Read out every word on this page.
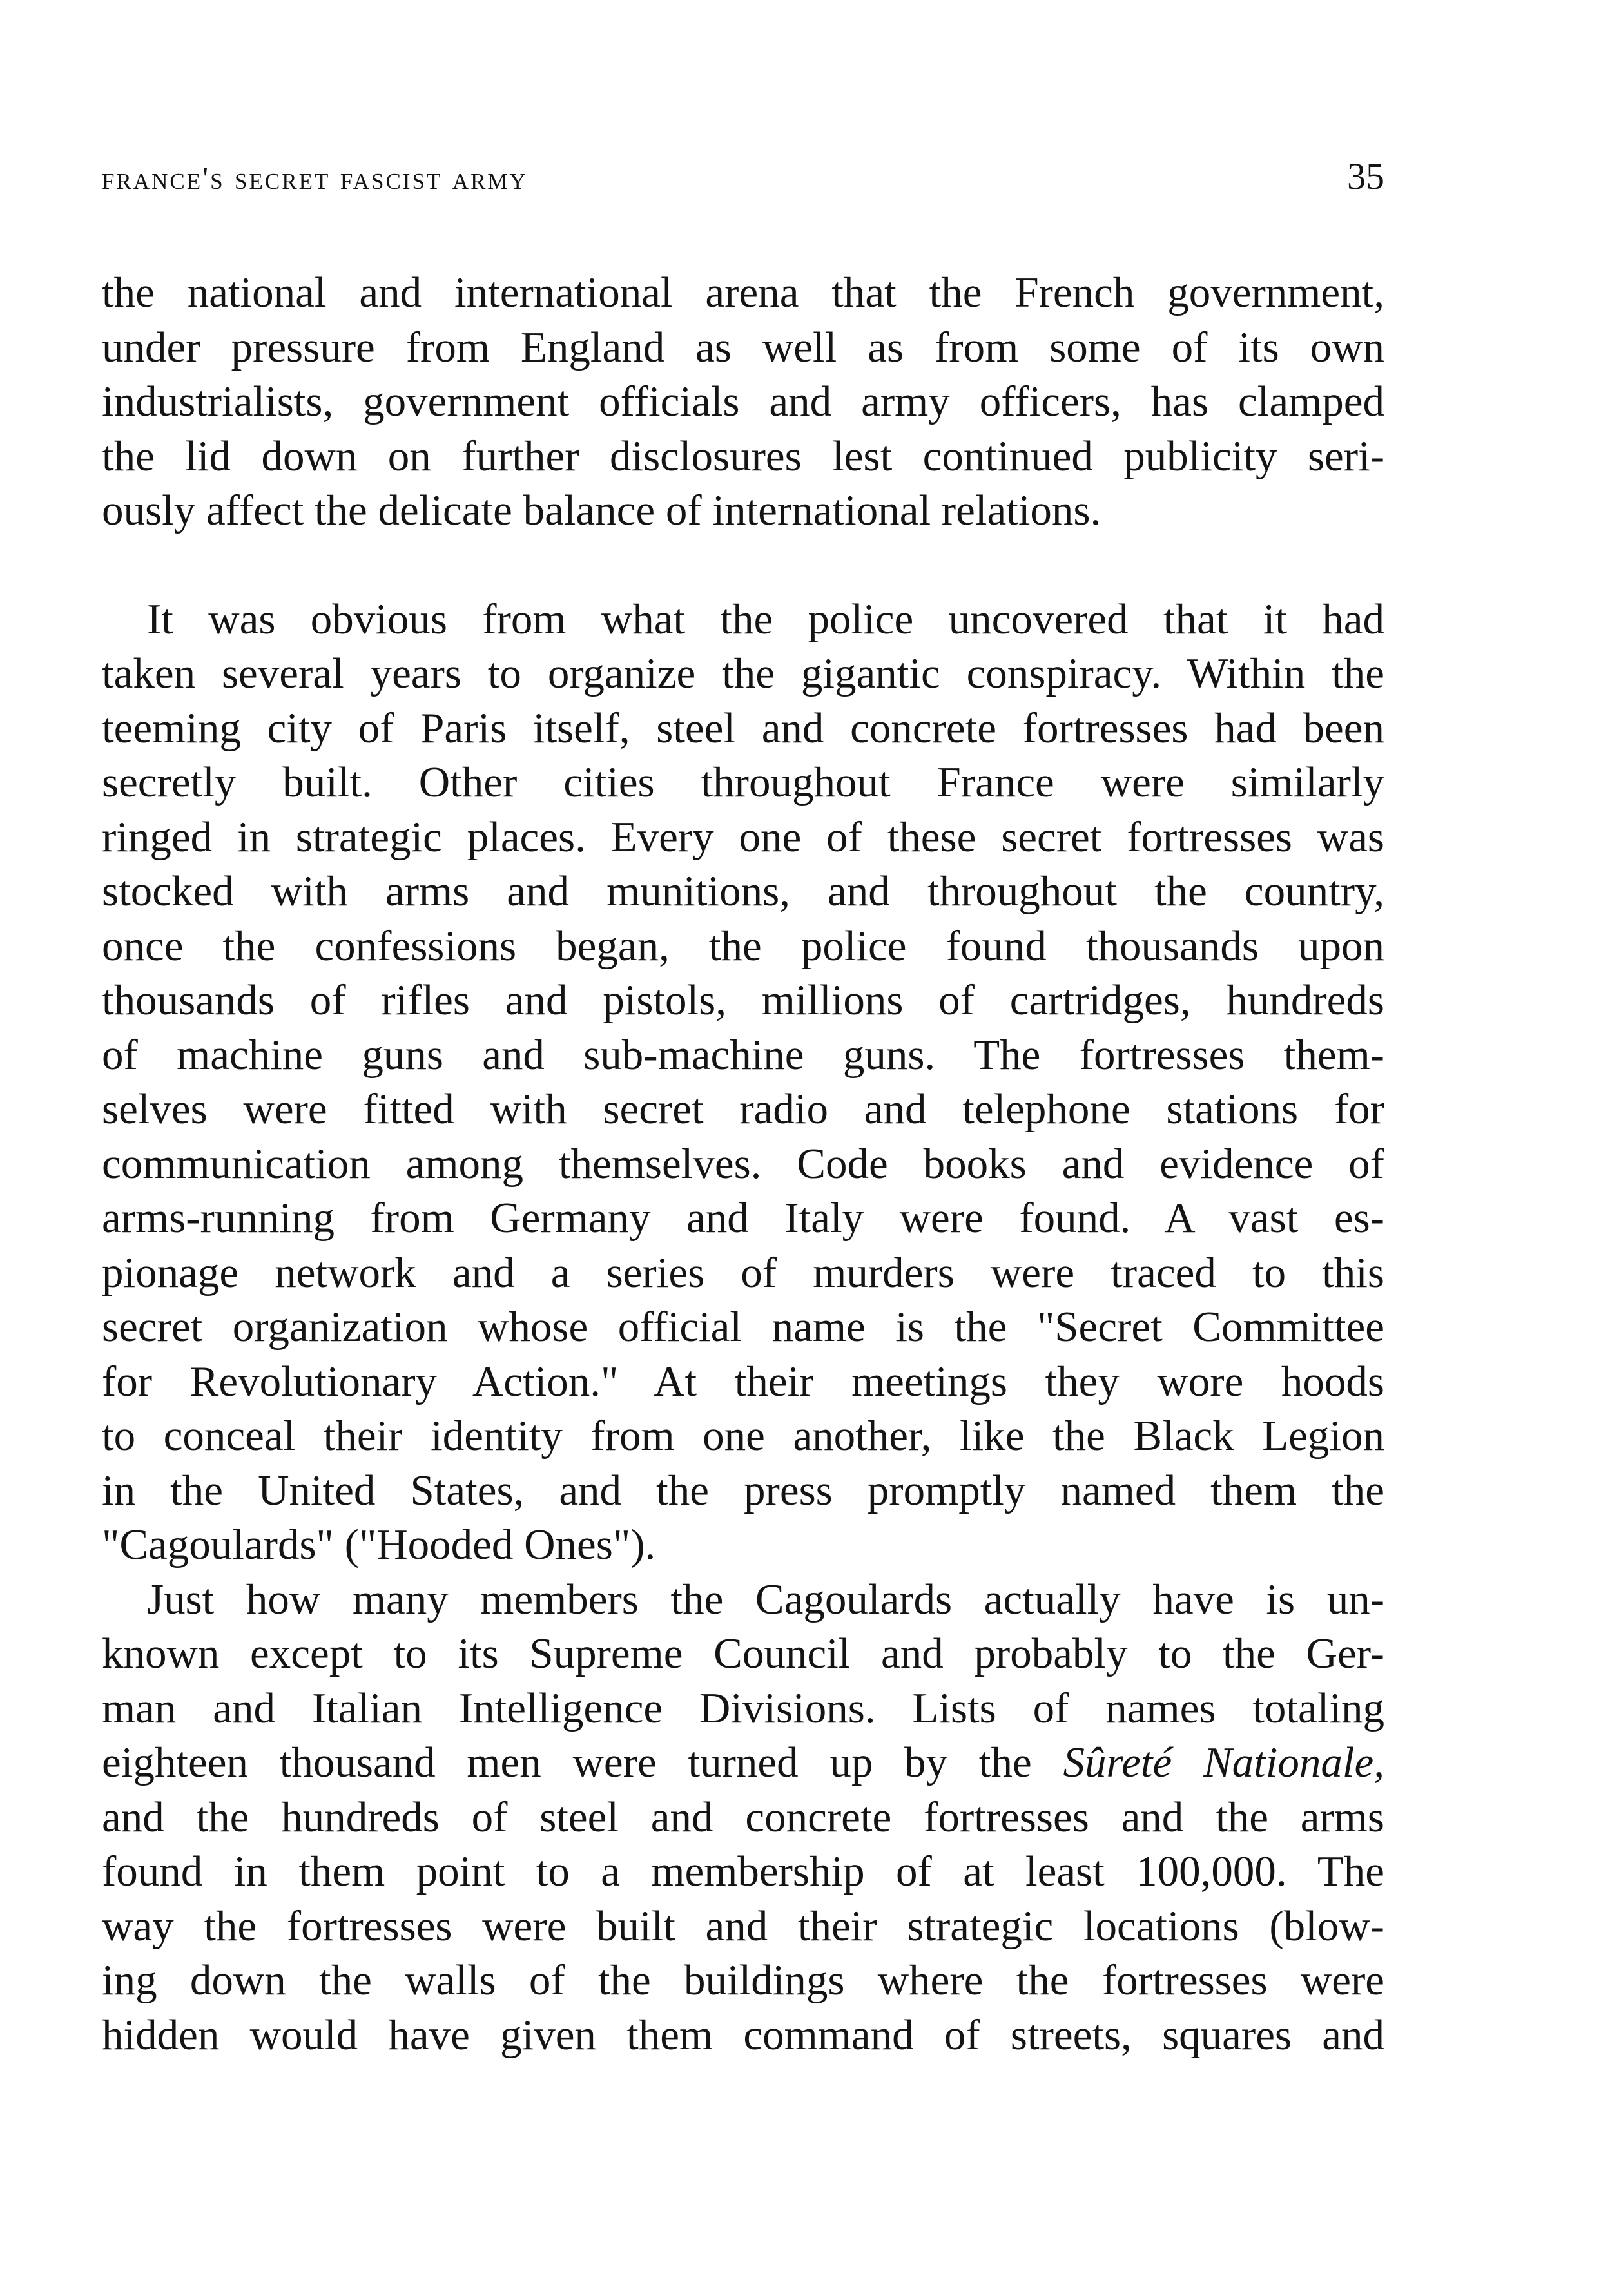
france's secret fascist army	35
the national and international arena that the French government,
under pressure from England as well as from some of its own
industrialists, government officials and army officers, has clamped
the lid down on further disclosures lest continued publicity seri-
ously affect the delicate balance of international relations.
It was obvious from what the police uncovered that it had
taken several years to organize the gigantic conspiracy. Within the
teeming city of Paris itself, steel and concrete fortresses had been
secretly built. Other cities throughout France were similarly
ringed in strategic places. Every one of these secret fortresses was
stocked with arms and munitions, and throughout the country,
once the confessions began, the police found thousands upon
thousands of rifles and pistols, millions of cartridges, hundreds
of machine guns and sub-machine guns. The fortresses them-
selves were fitted with secret radio and telephone stations for
communication among themselves. Code books and evidence of
arms-running from Germany and Italy were found. A vast es-
pionage network and a series of murders were traced to this
secret organization whose official name is the "Secret Committee
for Revolutionary Action." At their meetings they wore hoods
to conceal their identity from one another, like the Black Legion
in the United States, and the press promptly named them the
"Cagoulards" ("Hooded Ones").
Just how many members the Cagoulards actually have is un-
known except to its Supreme Council and probably to the Ger-
man and Italian Intelligence Divisions. Lists of names totaling
eighteen thousand men were turned up by the Sûreté Nationale,
and the hundreds of steel and concrete fortresses and the arms
found in them point to a membership of at least 100,000. The
way the fortresses were built and their strategic locations (blow-
ing down the walls of the buildings where the fortresses were
hidden would have given them command of streets, squares and
